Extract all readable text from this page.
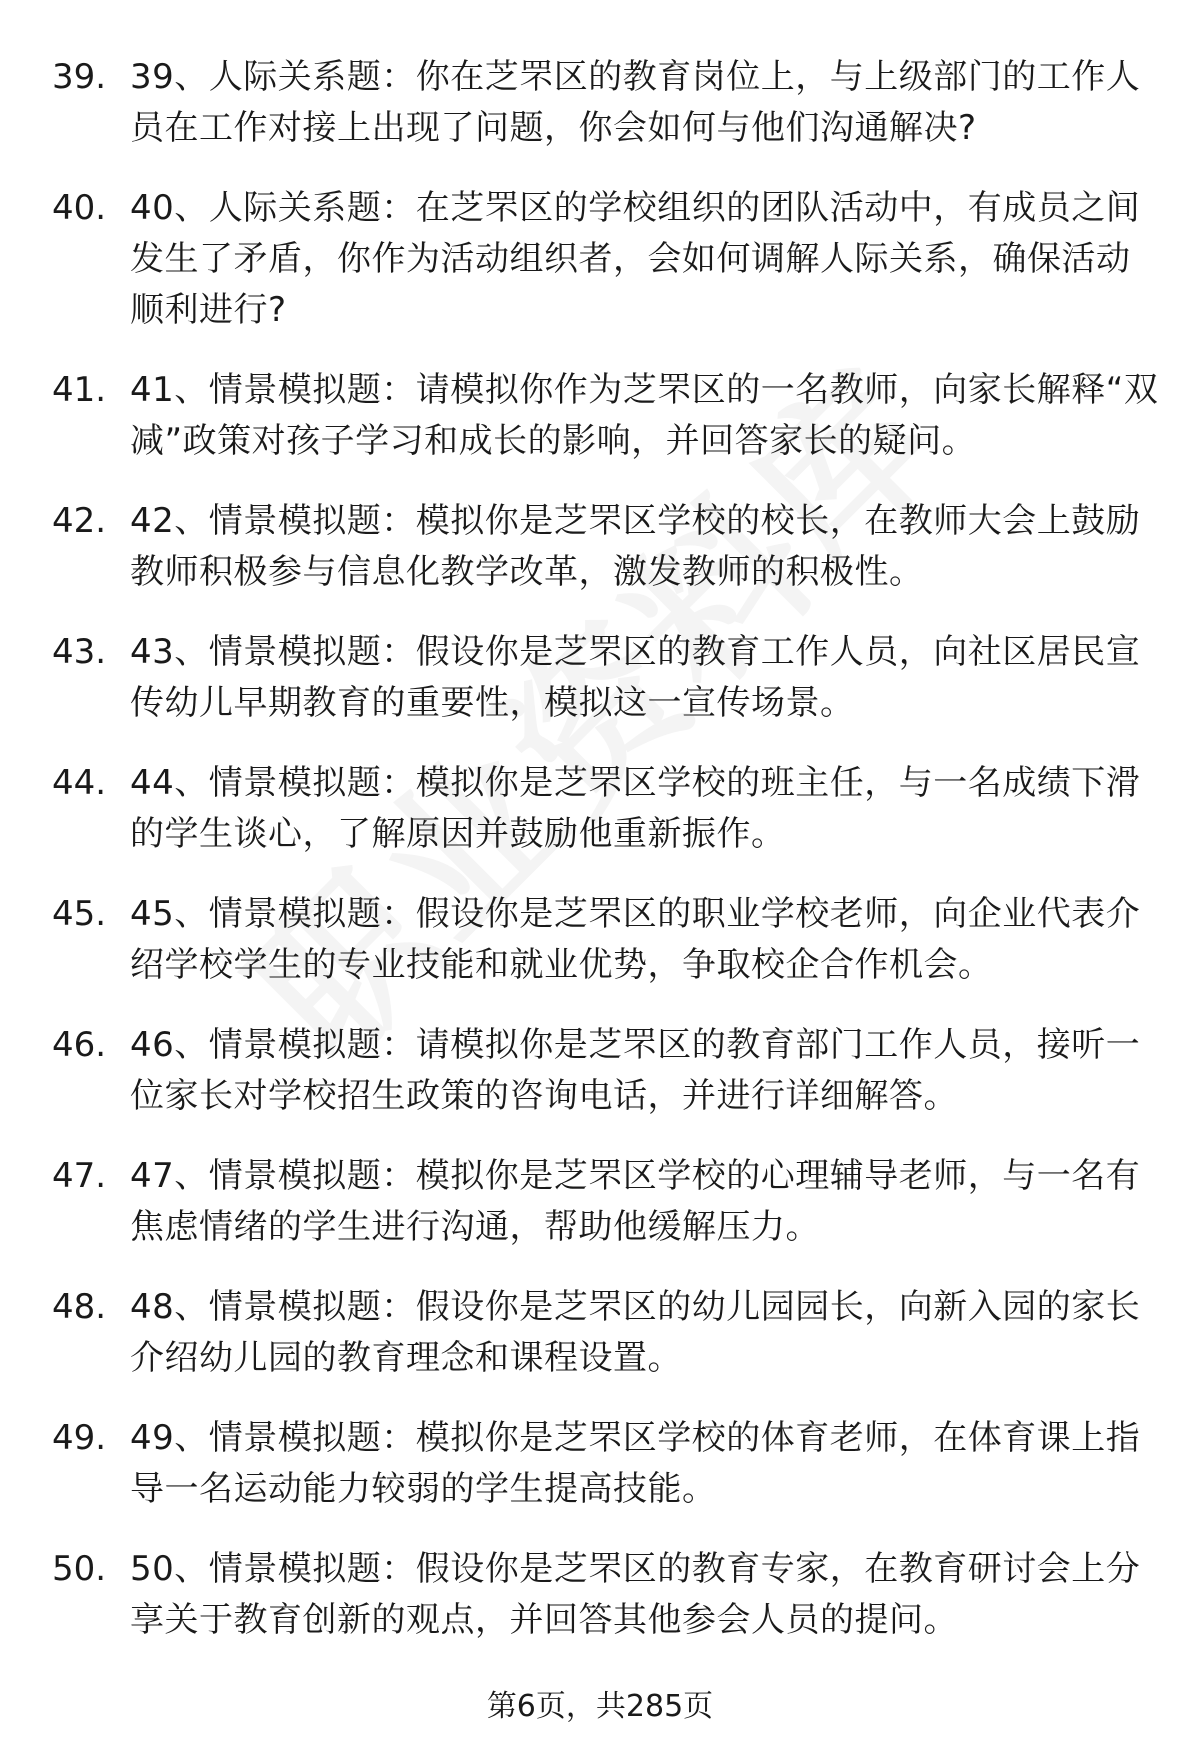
39. 39、人际关系题：你在芝罘区的教育岗位上，与上级部门的工作人员在工作对接上出现了问题，你会如何与他们沟通解决?
40. 40、人际关系题：在芝罘区的学校组织的团队活动中，有成员之间发生了矛盾，你作为活动组织者，会如何调解人际关系，确保活动顺利进行?
41. 41、情景模拟题：请模拟你作为芝罘区的一名教师，向家长解释“双减”政策对孩子学习和成长的影响，并回答家长的疑问。
42. 42、情景模拟题：模拟你是芝罘区学校的校长，在教师大会上鼓励教师积极参与信息化教学改革，激发教师的积极性。
43. 43、情景模拟题：假设你是芝罘区的教育工作人员，向社区居民宣传幼儿早期教育的重要性，模拟这一宣传场景。
44. 44、情景模拟题：模拟你是芝罘区学校的班主任，与一名成绩下滑的学生谈心，了解原因并鼓励他重新振作。
45. 45、情景模拟题：假设你是芝罘区的职业学校老师，向企业代表介绍学校学生的专业技能和就业优势，争取校企合作机会。
46. 46、情景模拟题：请模拟你是芝罘区的教育部门工作人员，接听一位家长对学校招生政策的咨询电话，并进行详细解答。
47. 47、情景模拟题：模拟你是芝罘区学校的心理辅导老师，与一名有焦虑情绪的学生进行沟通，帮助他缓解压力。
48. 48、情景模拟题：假设你是芝罘区的幼儿园园长，向新入园的家长介绍幼儿园的教育理念和课程设置。
49. 49、情景模拟题：模拟你是芝罘区学校的体育老师，在体育课上指导一名运动能力较弱的学生提高技能。
50. 50、情景模拟题：假设你是芝罘区的教育专家，在教育研讨会上分享关于教育创新的观点，并回答其他参会人员的提问。
第6页，共285页
